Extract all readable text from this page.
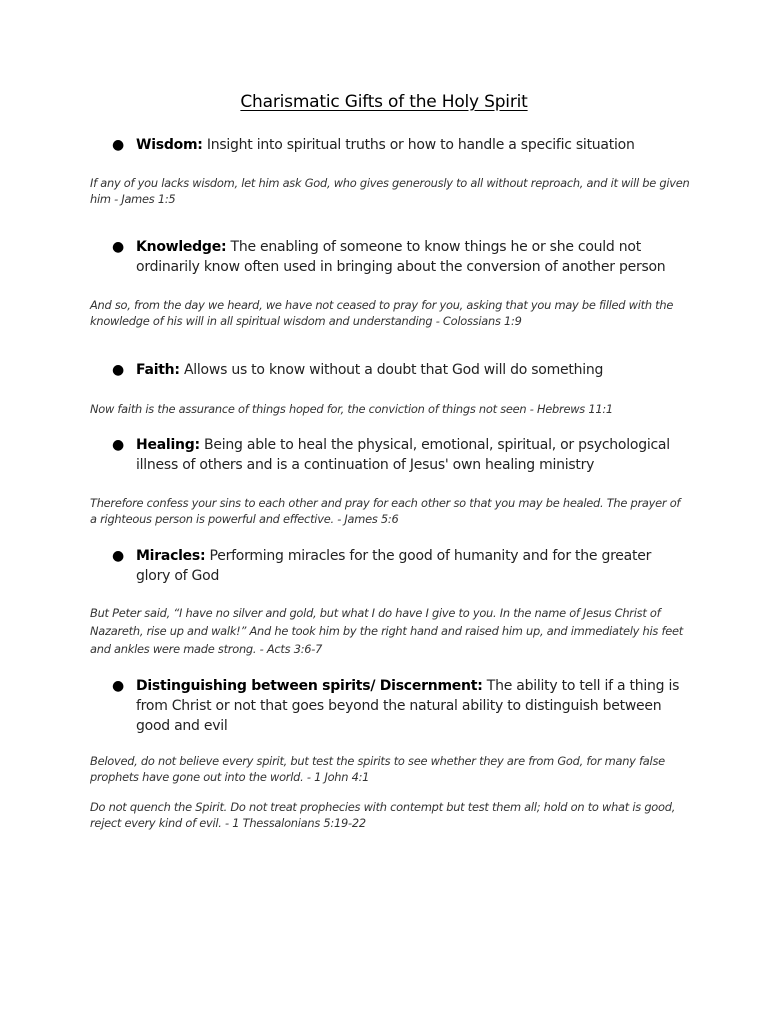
Charismatic Gifts of the Holy Spirit
● Wisdom: Insight into spiritual truths or how to handle a specific situation
If any of you lacks wisdom, let him ask God, who gives generously to all without reproach, and it will be given him - James 1:5
● Knowledge: The enabling of someone to know things he or she could not ordinarily know often used in bringing about the conversion of another person
And so, from the day we heard, we have not ceased to pray for you, asking that you may be filled with the knowledge of his will in all spiritual wisdom and understanding - Colossians 1:9
● Faith: Allows us to know without a doubt that God will do something
Now faith is the assurance of things hoped for, the conviction of things not seen - Hebrews 11:1
● Healing: Being able to heal the physical, emotional, spiritual, or psychological illness of others and is a continuation of Jesus' own healing ministry
Therefore confess your sins to each other and pray for each other so that you may be healed. The prayer of a righteous person is powerful and effective. - James 5:6
● Miracles: Performing miracles for the good of humanity and for the greater glory of God
But Peter said, “I have no silver and gold, but what I do have I give to you. In the name of Jesus Christ of Nazareth, rise up and walk!” And he took him by the right hand and raised him up, and immediately his feet and ankles were made strong. - Acts 3:6-7
● Distinguishing between spirits/ Discernment: The ability to tell if a thing is from Christ or not that goes beyond the natural ability to distinguish between good and evil
Beloved, do not believe every spirit, but test the spirits to see whether they are from God, for many false prophets have gone out into the world. - 1 John 4:1
Do not quench the Spirit. Do not treat prophecies with contempt but test them all; hold on to what is good, reject every kind of evil. - 1 Thessalonians 5:19-22
